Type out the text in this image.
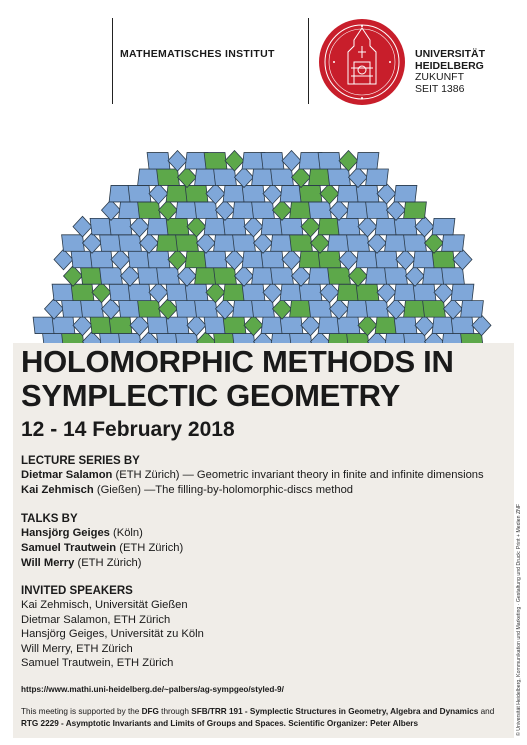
MATHEMATISCHES INSTITUT	UNIVERSITÄT
HEIDELBERG
ZUKUNFT
SEIT 1386
HOLOMORPHIC METHODS IN
SYMPLECTIC GEOMETRY
12 - 14 February 2018
LECTURE SERIES BY
Dietmar Salamon (ETH Zürich) — Geometric invariant theory in finite and infinite dimensions
Kai Zehmisch (Gießen) —The filling-by-holomorphic-discs method
TALKS BY
Hansjörg Geiges (Köln)
Samuel Trautwein (ETH Zürich)
Will Merry (ETH Zürich)
INVITED SPEAKERS
Kai Zehmisch, Universität Gießen
Dietmar Salamon, ETH Zürich
Hansjörg Geiges, Universität zu Köln
Will Merry, ETH Zürich
Samuel Trautwein, ETH Zürich
https://www.mathi.uni-heidelberg.de/~palbers/ag-sympgeo/styled-9/
This meeting is supported by the DFG through SFB/TRR 191 - Symplectic Structures in Geometry, Algebra and Dynamics and RTG 2229 - Asymptotic Invariants and Limits of Groups and Spaces. Scientific Organizer: Peter Albers	© Universität Heidelberg, Kommunikation und Marketing · Gestaltung und Druck: Print + Medien ZNF
